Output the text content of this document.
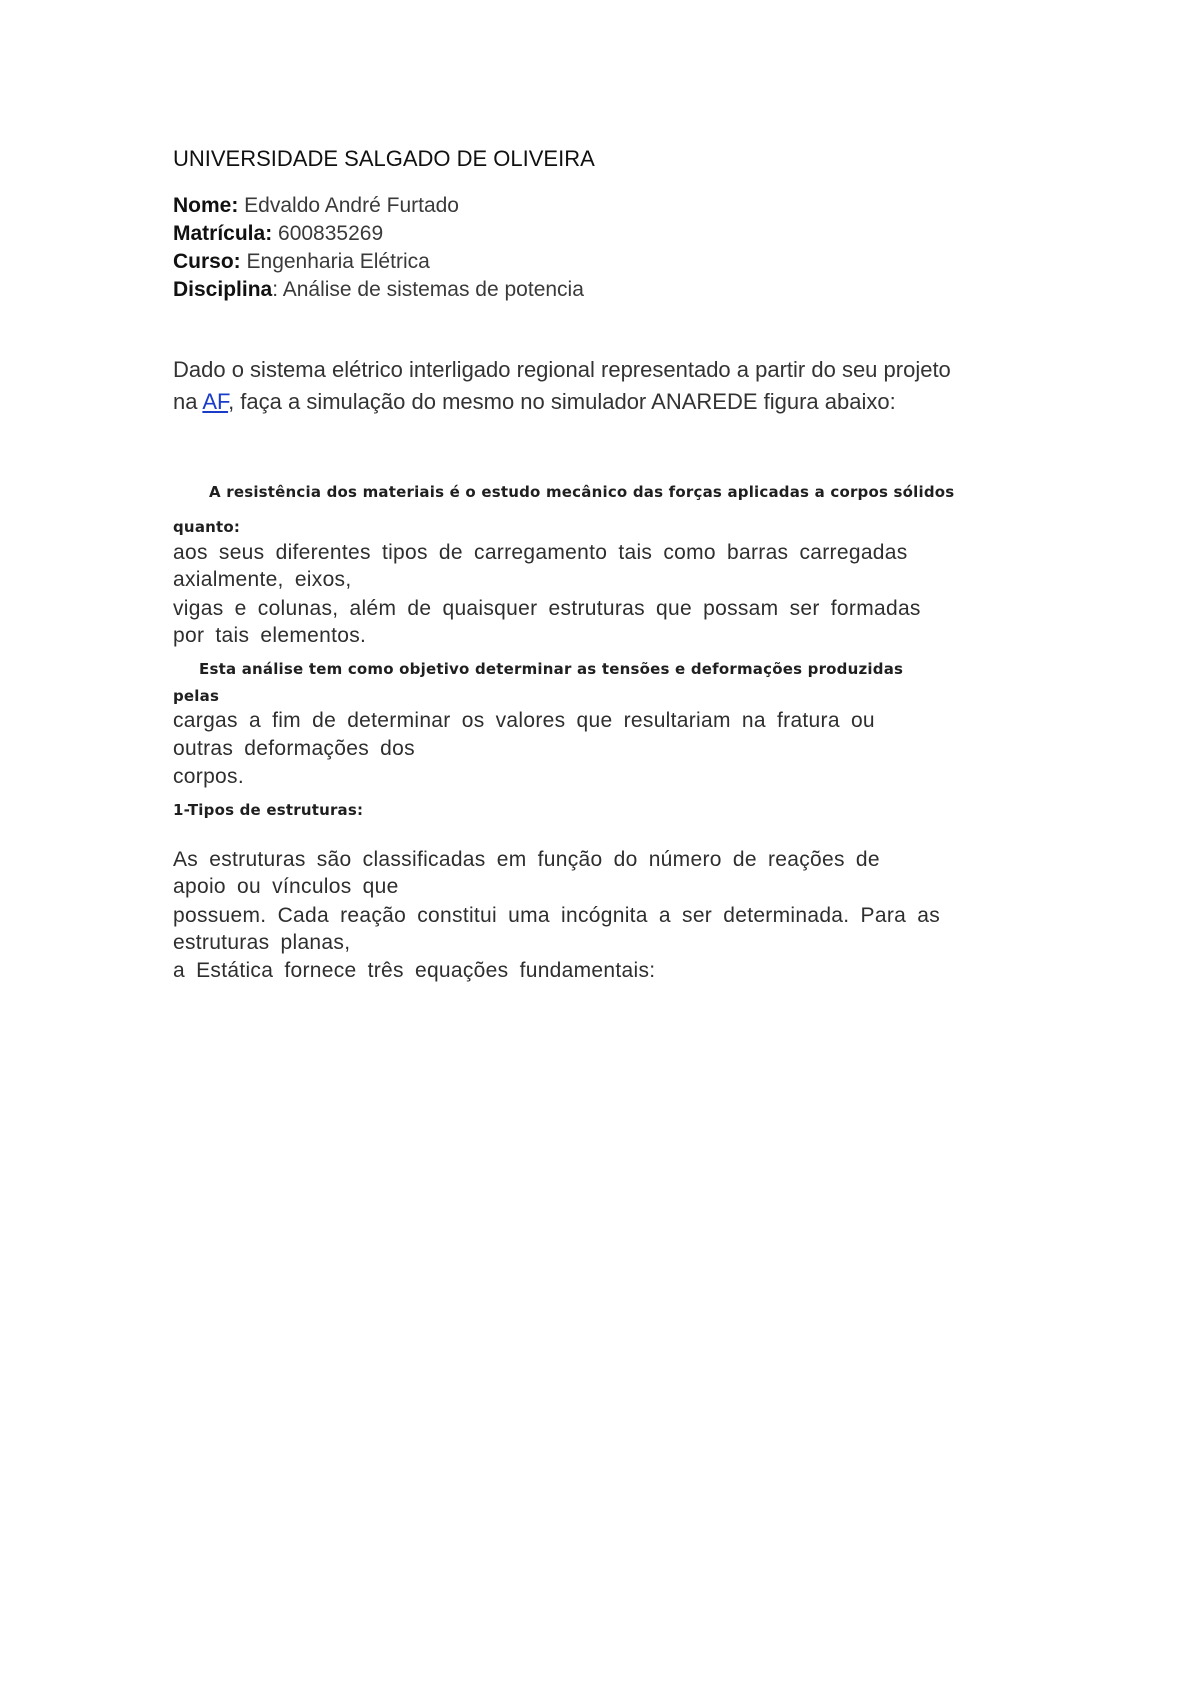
UNIVERSIDADE SALGADO DE OLIVEIRA
Nome: Edvaldo André Furtado
Matrícula: 600835269
Curso: Engenharia Elétrica
Disciplina: Análise de sistemas de potencia
Dado o sistema elétrico interligado regional representado a partir do seu projeto
na AF, faça a simulação do mesmo no simulador ANAREDE figura abaixo:
A resistência dos materiais é o estudo mecânico das forças aplicadas a corpos sólidos
quanto:
aos seus diferentes tipos de carregamento tais como barras carregadas
axialmente, eixos,
vigas e colunas, além de quaisquer estruturas que possam ser formadas
por tais elementos.
Esta análise tem como objetivo determinar as tensões e deformações produzidas
pelas
cargas a fim de determinar os valores que resultariam na fratura ou
outras deformações dos
corpos.
1-Tipos de estruturas:
As estruturas são classificadas em função do número de reações de
apoio ou vínculos que
possuem. Cada reação constitui uma incógnita a ser determinada. Para as
estruturas planas,
a Estática fornece três equações fundamentais:
